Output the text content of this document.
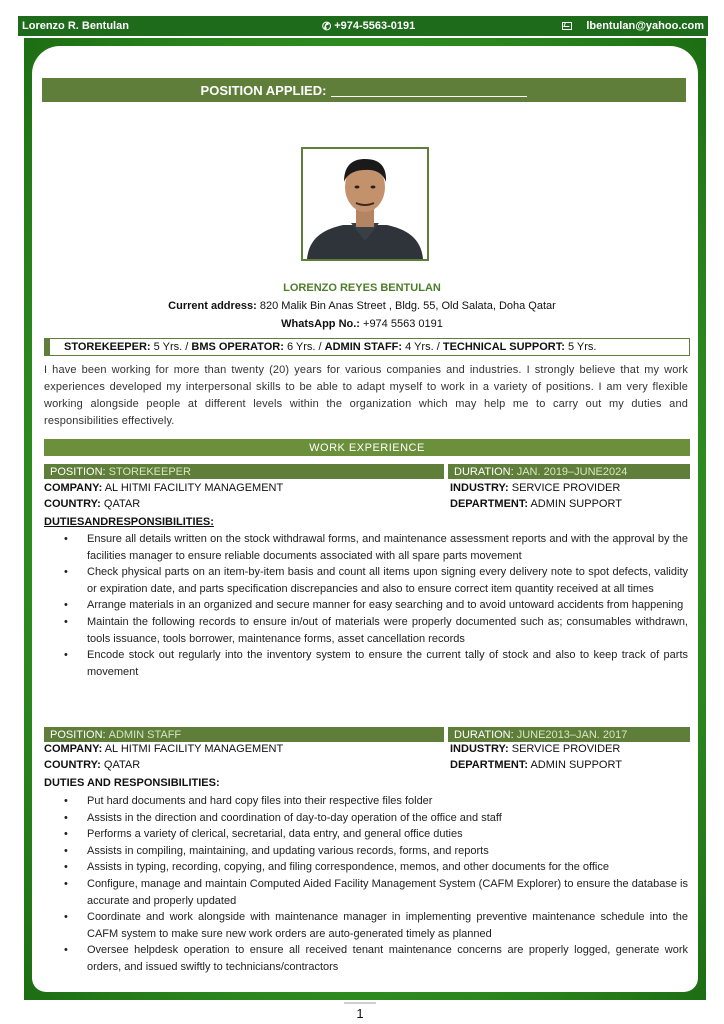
Lorenzo R. Bentulan	✆ +974-5563-0191	lbentulan@yahoo.com
POSITION APPLIED:
LORENZO REYES BENTULAN
Current address: 820 Malik Bin Anas Street , Bldg. 55, Old Salata, Doha Qatar
WhatsApp No.: +974 5563 0191
STOREKEEPER: 5 Yrs. / BMS OPERATOR: 6 Yrs. / ADMIN STAFF: 4 Yrs. / TECHNICAL SUPPORT: 5 Yrs.

I have been working for more than twenty (20) years for various companies and industries. I strongly believe that my work experiences developed my interpersonal skills to be able to adapt myself to work in a variety of positions. I am very flexible working alongside people at different levels within the organization which may help me to carry out my duties and responsibilities effectively.

WORK EXPERIENCE
POSITION: STOREKEEPER	DURATION: JAN. 2019–JUNE2024
COMPANY: AL HITMI FACILITY MANAGEMENT	INDUSTRY: SERVICE PROVIDER
COUNTRY: QATAR	DEPARTMENT: ADMIN SUPPORT
DUTIESANDRESPONSIBILITIES:
• Ensure all details written on the stock withdrawal forms, and maintenance assessment reports and with the approval by the facilities manager to ensure reliable documents associated with all spare parts movement
• Check physical parts on an item-by-item basis and count all items upon signing every delivery note to spot defects, validity or expiration date, and parts specification discrepancies and also to ensure correct item quantity received at all times
• Arrange materials in an organized and secure manner for easy searching and to avoid untoward accidents from happening
• Maintain the following records to ensure in/out of materials were properly documented such as; consumables withdrawn, tools issuance, tools borrower, maintenance forms, asset cancellation records
• Encode stock out regularly into the inventory system to ensure the current tally of stock and also to keep track of parts movement
POSITION: ADMIN STAFF	DURATION: JUNE2013–JAN. 2017
COMPANY: AL HITMI FACILITY MANAGEMENT	INDUSTRY: SERVICE PROVIDER
COUNTRY: QATAR	DEPARTMENT: ADMIN SUPPORT
DUTIES AND RESPONSIBILITIES:
• Put hard documents and hard copy files into their respective files folder
• Assists in the direction and coordination of day-to-day operation of the office and staff
• Performs a variety of clerical, secretarial, data entry, and general office duties
• Assists in compiling, maintaining, and updating various records, forms, and reports
• Assists in typing, recording, copying, and filing correspondence, memos, and other documents for the office
• Configure, manage and maintain Computed Aided Facility Management System (CAFM Explorer) to ensure the database is accurate and properly updated
• Coordinate and work alongside with maintenance manager in implementing preventive maintenance schedule into the CAFM system to make sure new work orders are auto-generated timely as planned
• Oversee helpdesk operation to ensure all received tenant maintenance concerns are properly logged, generate work orders, and issued swiftly to technicians/contractors
1
